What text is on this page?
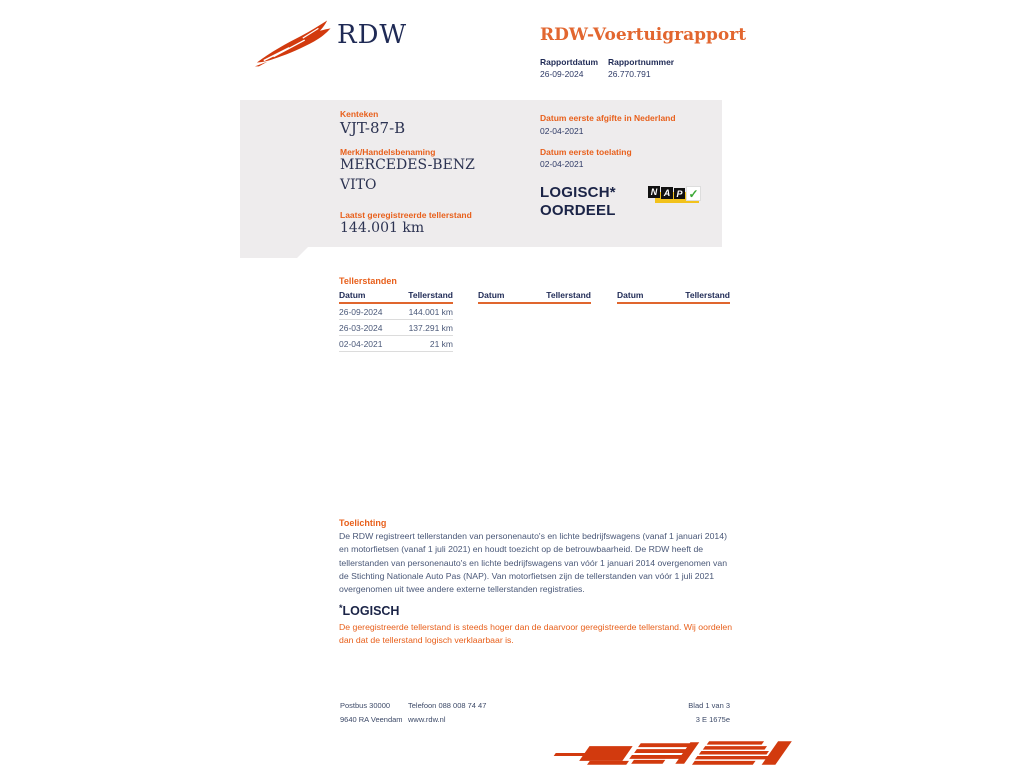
RDW	RDW-Voertuigrapport
Rapportdatum Rapportnummer
26-09-2024	26.770.791
Kenteken
VJT-87-B
Merk/Handelsbenaming
MERCEDES-BENZ
VITO
Laatst geregistreerde tellerstand
144.001 km
Datum eerste afgifte in Nederland
02-04-2021
Datum eerste toelating
02-04-2021
LOGISCH*
OORDEEL
N A P ✓
Tellerstanden
Datum	Tellerstand
26-09-2024	144.001 km
26-03-2024	137.291 km
02-04-2021	21 km
Datum	Tellerstand	Datum	Tellerstand
Toelichting
De RDW registreert tellerstanden van personenauto's en lichte bedrijfswagens (vanaf 1 januari 2014) en motorfietsen (vanaf 1 juli 2021) en houdt toezicht op de betrouwbaarheid. De RDW heeft de tellerstanden van personenauto's en lichte bedrijfswagens van vóór 1 januari 2014 overgenomen van de Stichting Nationale Auto Pas (NAP). Van motorfietsen zijn de tellerstanden van vóór 1 juli 2021 overgenomen uit twee andere externe tellerstanden registraties.
*LOGISCH
De geregistreerde tellerstand is steeds hoger dan de daarvoor geregistreerde tellerstand. Wij oordelen dan dat de tellerstand logisch verklaarbaar is.
Postbus 30000
9640 RA Veendam
Telefoon 088 008 74 47
www.rdw.nl
Blad 1 van 3
3 E 1675e
